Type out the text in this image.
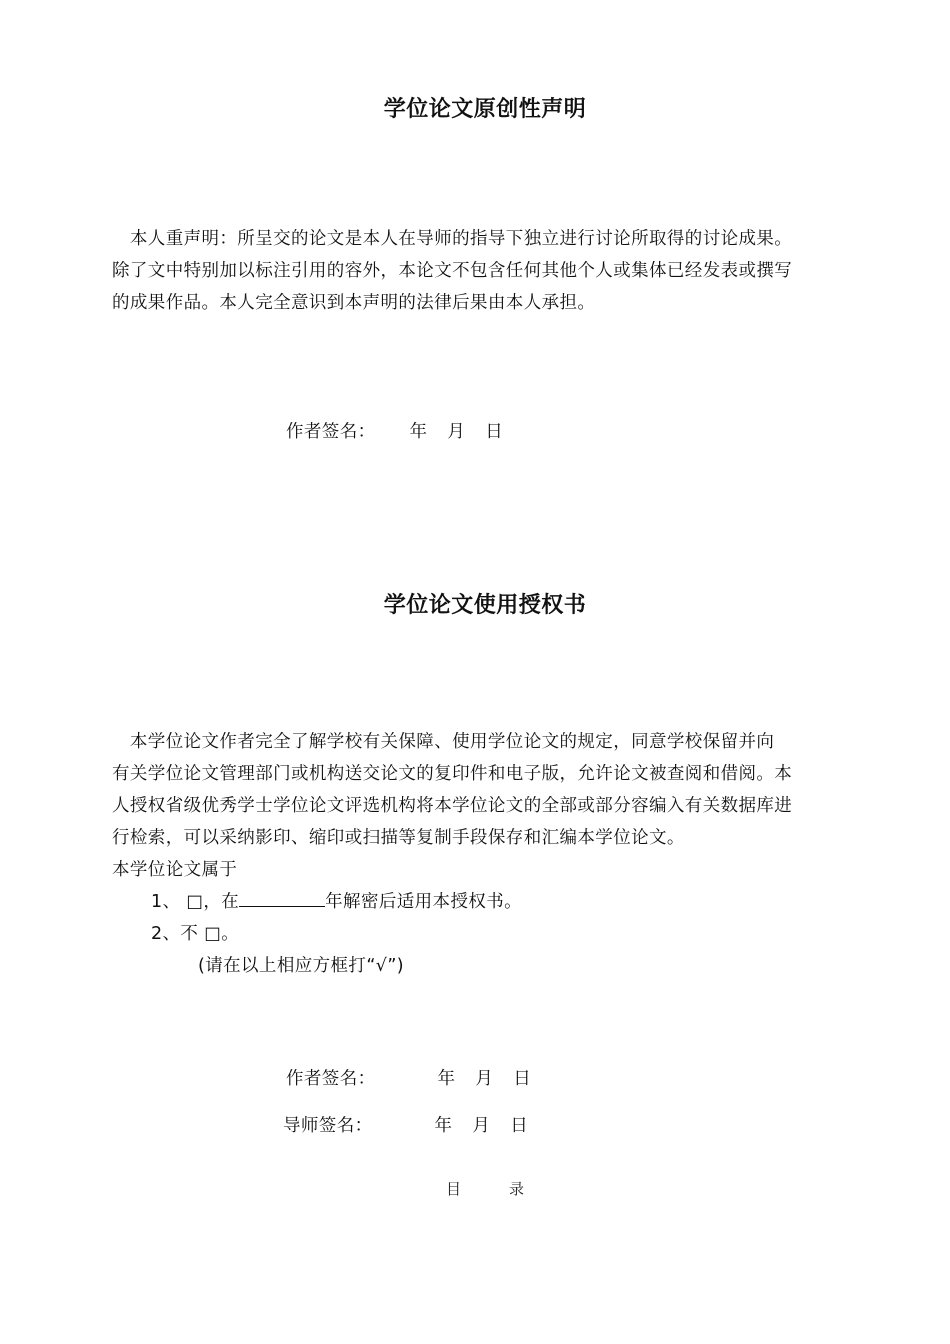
学位论文原创性声明
　本人重声明：所呈交的论文是本人在导师的指导下独立进行讨论所取得的讨论成果。
除了文中特别加以标注引用的容外，本论文不包含任何其他个人或集体已经发表或撰写
的成果作品。本人完全意识到本声明的法律后果由本人承担。
作者签名： 年 月 日
学位论文使用授权书
　本学位论文作者完全了解学校有关保障、使用学位论文的规定，同意学校保留并向
有关学位论文管理部门或机构送交论文的复印件和电子版，允许论文被查阅和借阅。本
人授权省级优秀学士学位论文评选机构将本学位论文的全部或部分容编入有关数据库进
行检索，可以采纳影印、缩印或扫描等复制手段保存和汇编本学位论文。
本学位论文属于
1、 □，在	年解密后适用本授权书。
2、不 □。
(请在以上相应方框打“√”)
作者签名：	年 月 日
导师签名：	年 月 日
目	录
